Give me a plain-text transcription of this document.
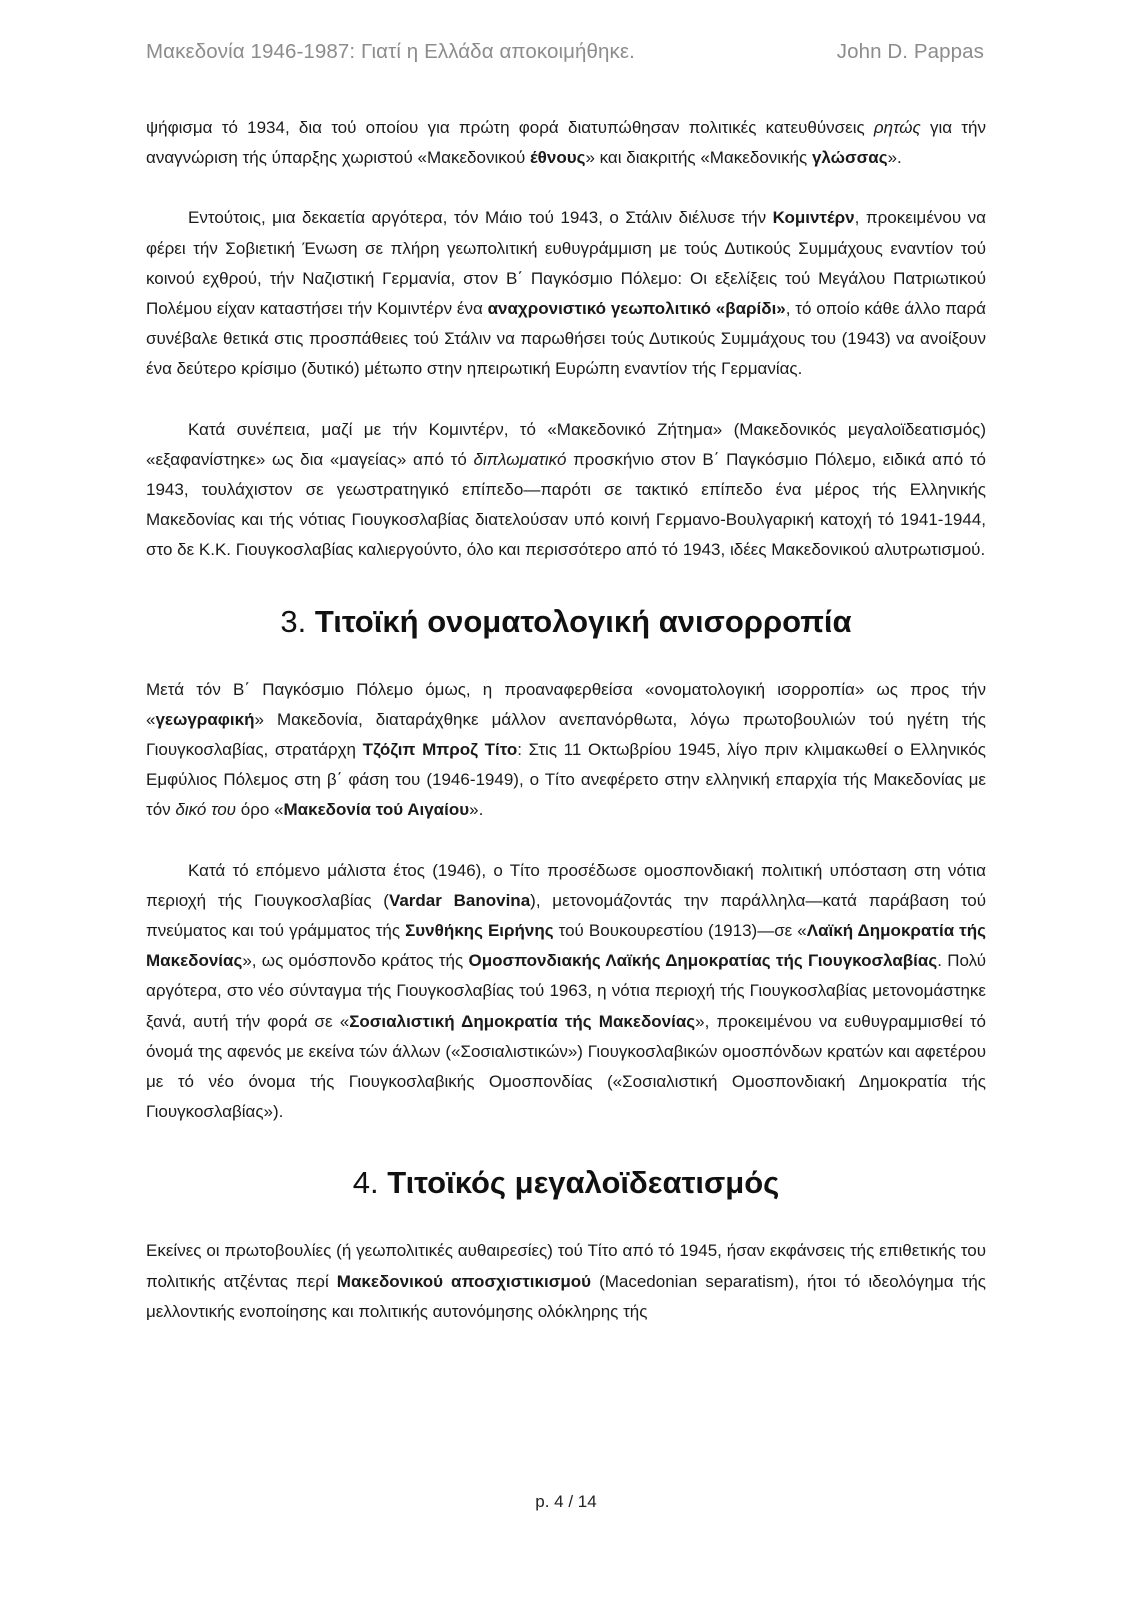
Μακεδονία 1946-1987: Γιατί η Ελλάδα αποκοιμήθηκε.	John D. Pappas

ψήφισμα τό 1934, δια τού οποίου για πρώτη φορά διατυπώθησαν πολιτικές κατευθύνσεις ρητώς για τήν αναγνώριση τής ύπαρξης χωριστού «Μακεδονικού έθνους» και διακριτής «Μακεδονικής γλώσσας».

Εντούτοις, μια δεκαετία αργότερα, τόν Μάιο τού 1943, ο Στάλιν διέλυσε τήν Κομιντέρν, προκειμένου να φέρει τήν Σοβιετική Ένωση σε πλήρη γεωπολιτική ευθυγράμμιση με τούς Δυτικούς Συμμάχους εναντίον τού κοινού εχθρού, τήν Ναζιστική Γερμανία, στον Β΄ Παγκόσμιο Πόλεμο: Οι εξελίξεις τού Μεγάλου Πατριωτικού Πολέμου είχαν καταστήσει τήν Κομιντέρν ένα αναχρονιστικό γεωπολιτικό «βαρίδι», τό οποίο κάθε άλλο παρά συνέβαλε θετικά στις προσπάθειες τού Στάλιν να παρωθήσει τούς Δυτικούς Συμμάχους του (1943) να ανοίξουν ένα δεύτερο κρίσιμο (δυτικό) μέτωπο στην ηπειρωτική Ευρώπη εναντίον τής Γερμανίας.

Κατά συνέπεια, μαζί με τήν Κομιντέρν, τό «Μακεδονικό Ζήτημα» (Μακεδονικός μεγαλοϊδεατισμός) «εξαφανίστηκε» ως δια «μαγείας» από τό διπλωματικό προσκήνιο στον Β΄ Παγκόσμιο Πόλεμο, ειδικά από τό 1943, τουλάχιστον σε γεωστρατηγικό επίπεδο—παρότι σε τακτικό επίπεδο ένα μέρος τής Ελληνικής Μακεδονίας και τής νότιας Γιουγκοσλαβίας διατελούσαν υπό κοινή Γερμανο-Βουλγαρική κατοχή τό 1941-1944, στο δε Κ.Κ. Γιουγκοσλαβίας καλιεργούντο, όλο και περισσότερο από τό 1943, ιδέες Μακεδονικού αλυτρωτισμού.

3. Τιτοϊκή ονοματολογική ανισορροπία

Μετά τόν Β΄ Παγκόσμιο Πόλεμο όμως, η προαναφερθείσα «ονοματολογική ισορροπία» ως προς τήν «γεωγραφική» Μακεδονία, διαταράχθηκε μάλλον ανεπανόρθωτα, λόγω πρωτοβουλιών τού ηγέτη τής Γιουγκοσλαβίας, στρατάρχη Τζόζιπ Μπροζ Τίτο: Στις 11 Οκτωβρίου 1945, λίγο πριν κλιμακωθεί ο Ελληνικός Εμφύλιος Πόλεμος στη β΄ φάση του (1946-1949), ο Τίτο ανεφέρετο στην ελληνική επαρχία τής Μακεδονίας με τόν δικό του όρο «Μακεδονία τού Αιγαίου».

Κατά τό επόμενο μάλιστα έτος (1946), ο Τίτο προσέδωσε ομοσπονδιακή πολιτική υπόσταση στη νότια περιοχή τής Γιουγκοσλαβίας (Vardar Banovina), μετονομάζοντάς την παράλληλα—κατά παράβαση τού πνεύματος και τού γράμματος τής Συνθήκης Ειρήνης τού Βουκουρεστίου (1913)—σε «Λαϊκή Δημοκρατία τής Μακεδονίας», ως ομόσπονδο κράτος τής Ομοσπονδιακής Λαϊκής Δημοκρατίας τής Γιουγκοσλαβίας. Πολύ αργότερα, στο νέο σύνταγμα τής Γιουγκοσλαβίας τού 1963, η νότια περιοχή τής Γιουγκοσλαβίας μετονομάστηκε ξανά, αυτή τήν φορά σε «Σοσιαλιστική Δημοκρατία τής Μακεδονίας», προκειμένου να ευθυγραμμισθεί τό όνομά της αφενός με εκείνα τών άλλων («Σοσιαλιστικών») Γιουγκοσλαβικών ομοσπόνδων κρατών και αφετέρου με τό νέο όνομα τής Γιουγκοσλαβικής Ομοσπονδίας («Σοσιαλιστική Ομοσπονδιακή Δημοκρατία τής Γιουγκοσλαβίας»).

4. Τιτοϊκός μεγαλοϊδεατισμός

Εκείνες οι πρωτοβουλίες (ή γεωπολιτικές αυθαιρεσίες) τού Τίτο από τό 1945, ήσαν εκφάνσεις τής επιθετικής του πολιτικής ατζέντας περί Μακεδονικού αποσχιστικισμού (Macedonian separatism), ήτοι τό ιδεολόγημα τής μελλοντικής ενοποίησης και πολιτικής αυτονόμησης ολόκληρης τής

p. 4 / 14
